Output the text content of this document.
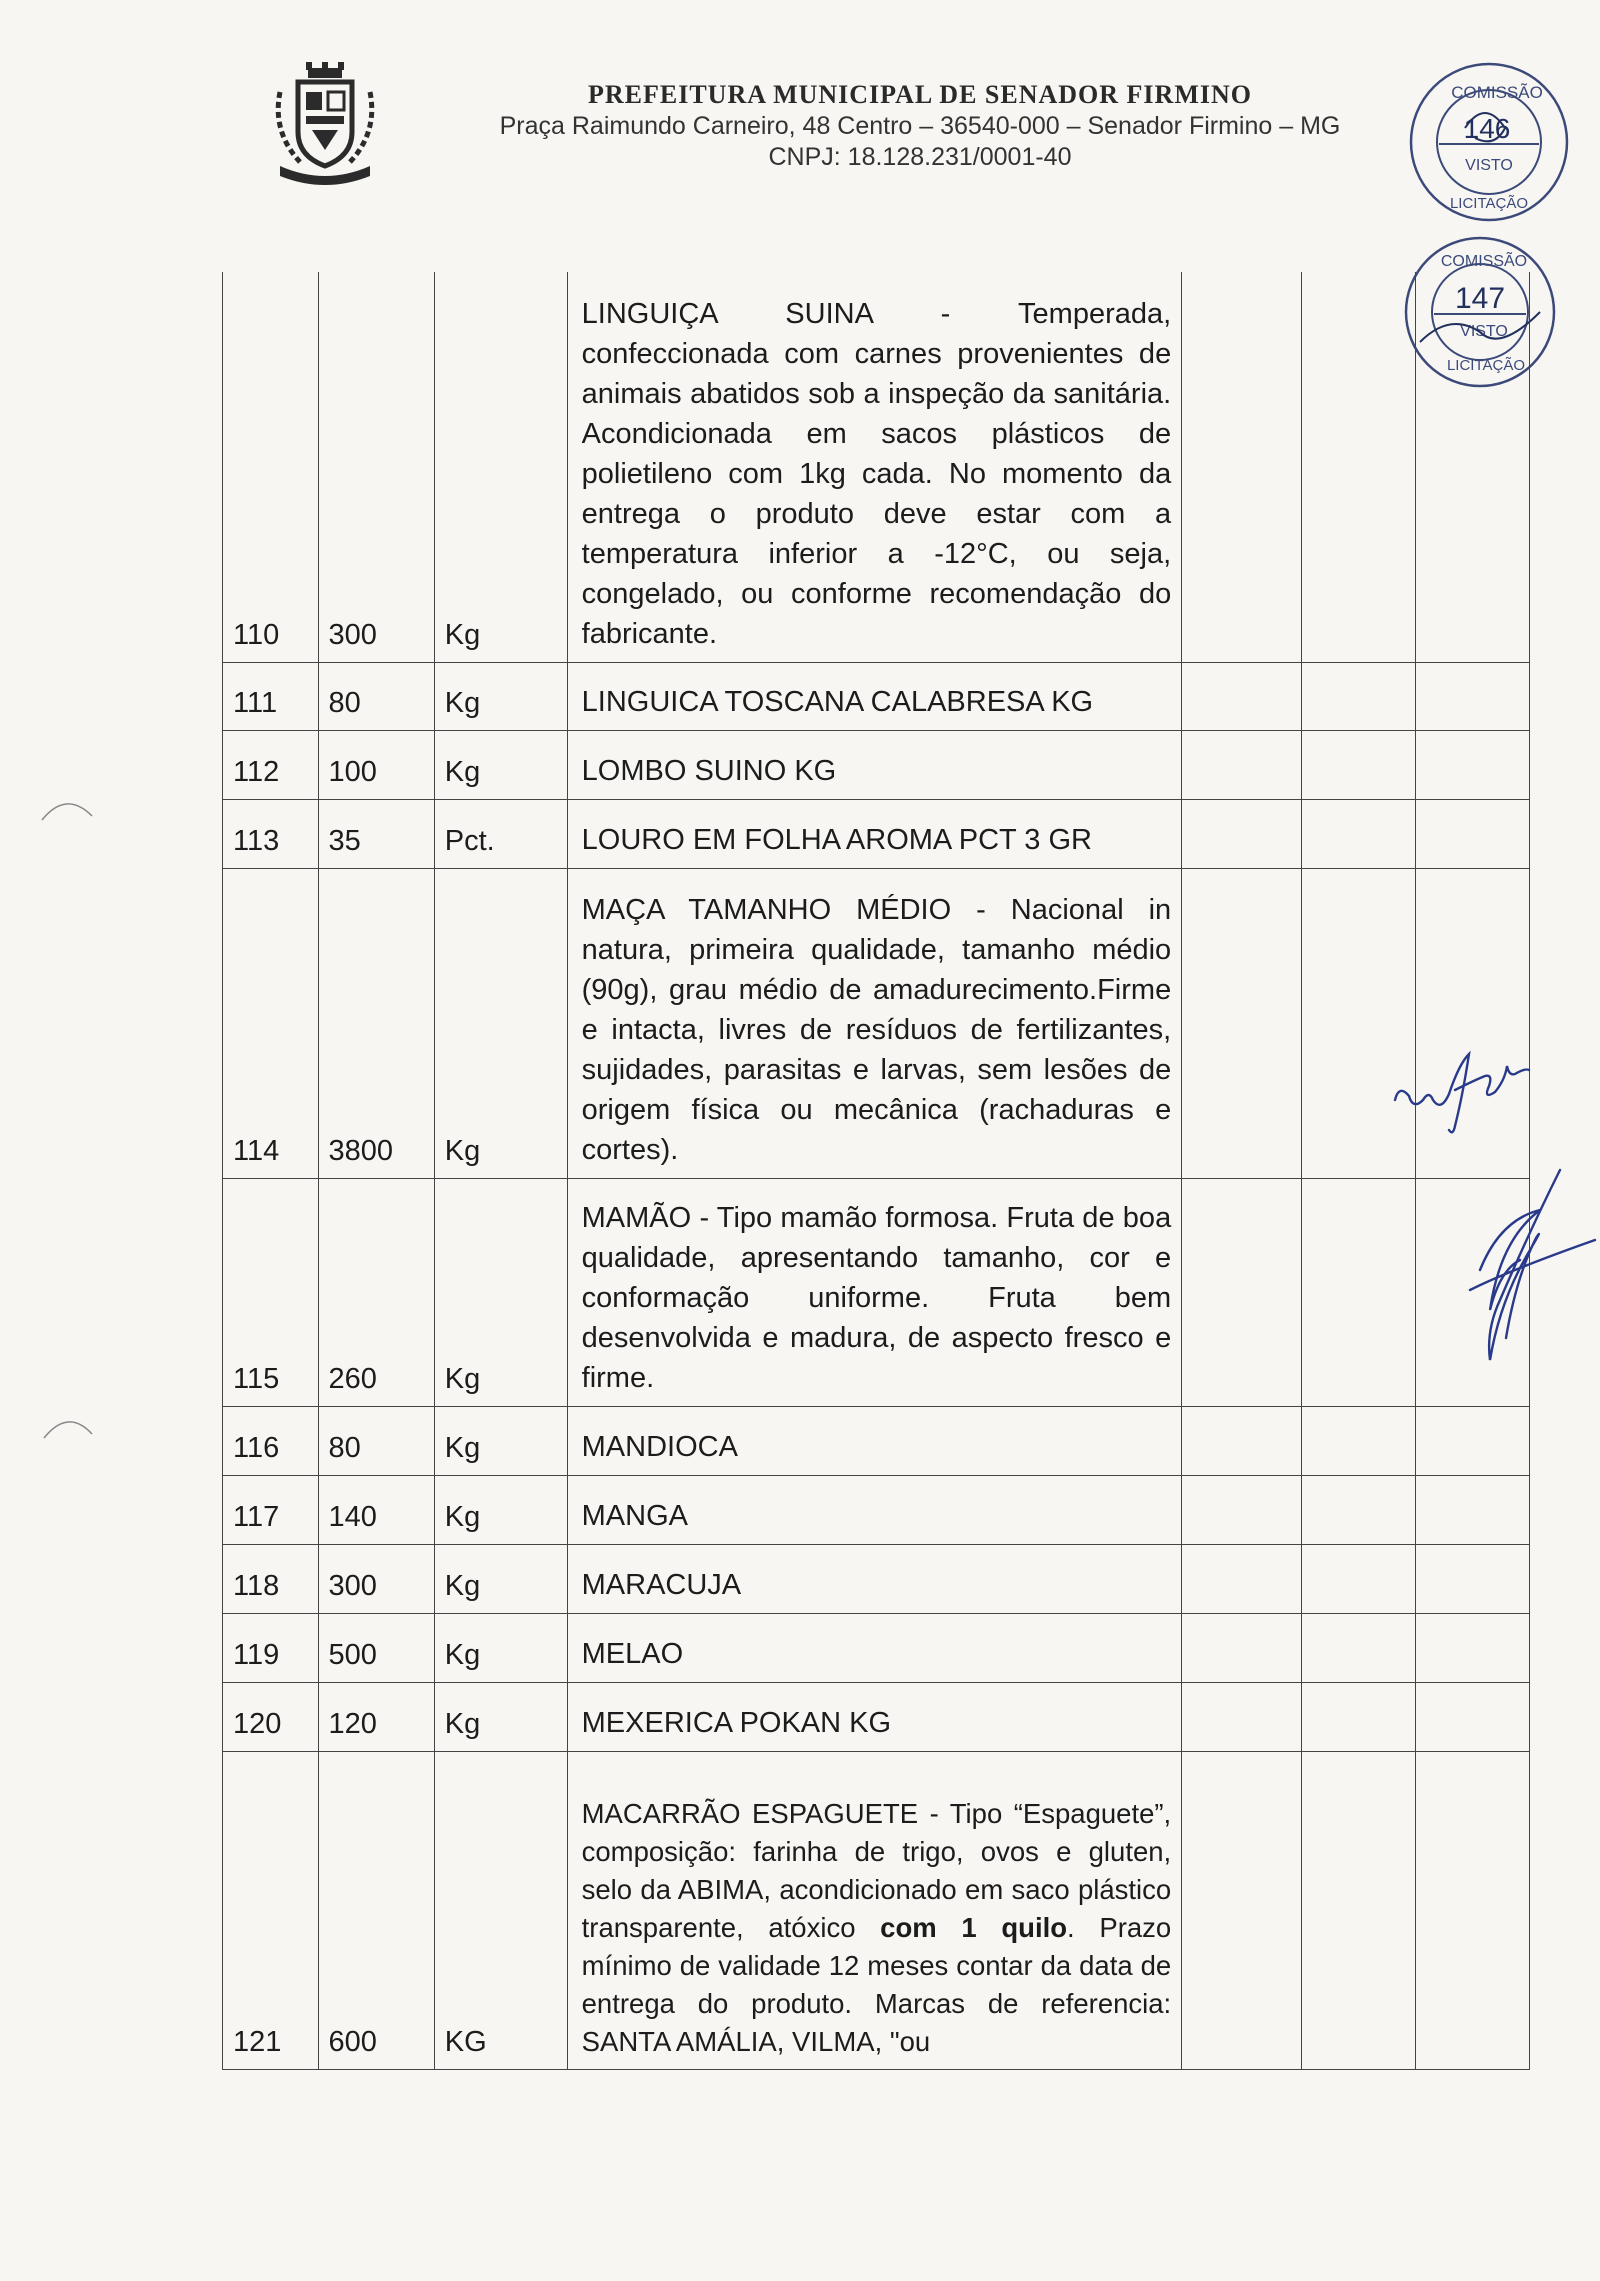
PREFEITURA MUNICIPAL DE SENADOR FIRMINO
Praça Raimundo Carneiro, 48 Centro – 36540-000 – Senador Firmino – MG
CNPJ: 18.128.231/0001-40
COMISSÃO
146
VISTO
LICITAÇÃO
COMISSÃO
147
VISTO
LICITAÇÃO
110	300	Kg	LINGUIÇA SUINA - Temperada, confeccionada com carnes provenientes de animais abatidos sob a inspeção da sanitária. Acondicionada em sacos plásticos de polietileno com 1kg cada. No momento da entrega o produto deve estar com a temperatura inferior a -12°C, ou seja, congelado, ou conforme recomendação do fabricante.			
111	80	Kg	LINGUICA TOSCANA CALABRESA KG			
112	100	Kg	LOMBO SUINO KG			
113	35	Pct.	LOURO EM FOLHA AROMA PCT 3 GR			
114	3800	Kg	MAÇA TAMANHO MÉDIO - Nacional in natura, primeira qualidade, tamanho médio (90g), grau médio de amadurecimento.Firme e intacta, livres de resíduos de fertilizantes, sujidades, parasitas e larvas, sem lesões de origem física ou mecânica (rachaduras e cortes).			
115	260	Kg	MAMÃO - Tipo mamão formosa. Fruta de boa qualidade, apresentando tamanho, cor e conformação uniforme. Fruta bem desenvolvida e madura, de aspecto fresco e firme.			
116	80	Kg	MANDIOCA			
117	140	Kg	MANGA			
118	300	Kg	MARACUJA			
119	500	Kg	MELAO			
120	120	Kg	MEXERICA POKAN KG			
121	600	KG	MACARRÃO ESPAGUETE - Tipo “Espaguete”, composição: farinha de trigo, ovos e gluten, selo da ABIMA, acondicionado em saco plástico transparente, atóxico com 1 quilo. Prazo mínimo de validade 12 meses contar da data de entrega do produto. Marcas de referencia: SANTA AMÁLIA, VILMA, "ou			
